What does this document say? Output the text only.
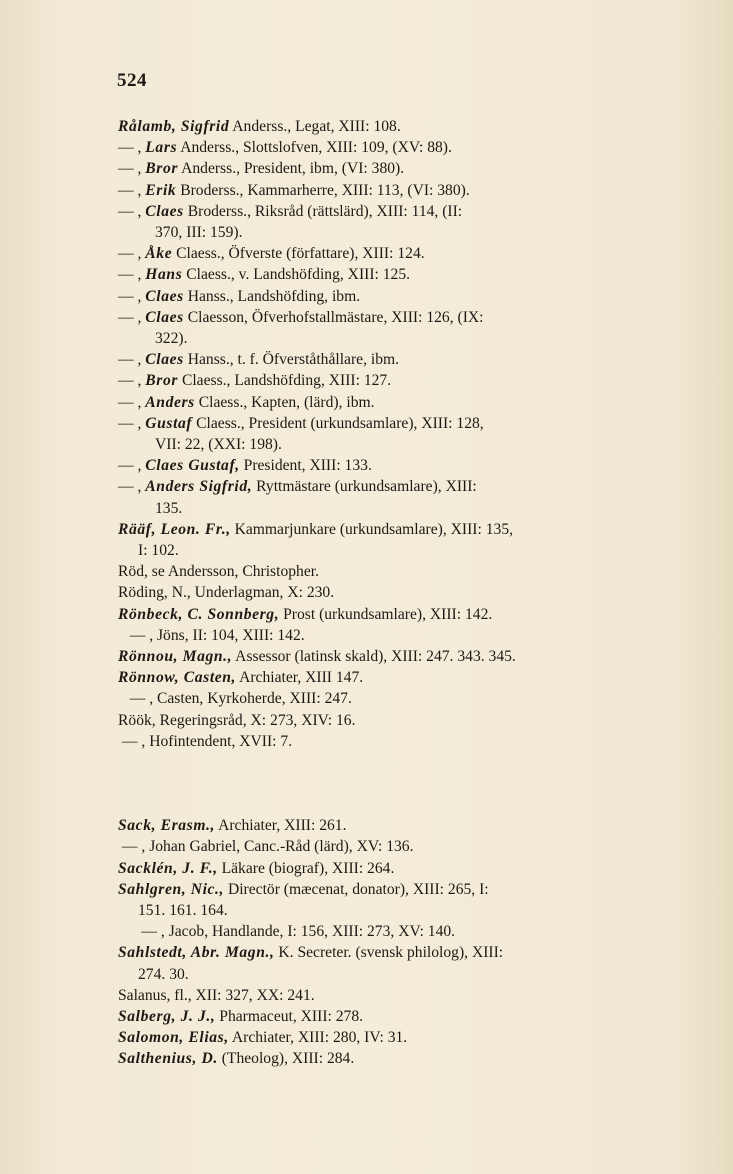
524
Rålamb, Sigfrid Anderss., Legat, XIII: 108.
— , Lars Anderss., Slottslofven, XIII: 109, (XV: 88).
— , Bror Anderss., President, ibm, (VI: 380).
— , Erik Broderss., Kammarherre, XIII: 113, (VI: 380).
— , Claes Broderss., Riksråd (rättslärd), XIII: 114, (II:
370, III: 159).
— , Åke Claess., Öfverste (författare), XIII: 124.
— , Hans Claess., v. Landshöfding, XIII: 125.
— , Claes Hanss., Landshöfding, ibm.
— , Claes Claesson, Öfverhofstallmästare, XIII: 126, (IX:
322).
— , Claes Hanss., t. f. Öfverståthållare, ibm.
— , Bror Claess., Landshöfding, XIII: 127.
— , Anders Claess., Kapten, (lärd), ibm.
— , Gustaf Claess., President (urkundsamlare), XIII: 128,
VII: 22, (XXI: 198).
— , Claes Gustaf, President, XIII: 133.
— , Anders Sigfrid, Ryttmästare (urkundsamlare), XIII:
135.
Rääf, Leon. Fr., Kammarjunkare (urkundsamlare), XIII: 135,
I: 102.
Röd, se Andersson, Christopher.
Röding, N., Underlagman, X: 230.
Rönbeck, C. Sonnberg, Prost (urkundsamlare), XIII: 142.
— , Jöns, II: 104, XIII: 142.
Rönnou, Magn., Assessor (latinsk skald), XIII: 247. 343. 345.
Rönnow, Casten, Archiater, XIII 147.
— , Casten, Kyrkoherde, XIII: 247.
Röök, Regeringsråd, X: 273, XIV: 16.
— , Hofintendent, XVII: 7.
Sack, Erasm., Archiater, XIII: 261.
— , Johan Gabriel, Canc.-Råd (lärd), XV: 136.
Sacklén, J. F., Läkare (biograf), XIII: 264.
Sahlgren, Nic., Directör (mæcenat, donator), XIII: 265, I:
151. 161. 164.
— , Jacob, Handlande, I: 156, XIII: 273, XV: 140.
Sahlstedt, Abr. Magn., K. Secreter. (svensk philolog), XIII:
274. 30.
Salanus, fl., XII: 327, XX: 241.
Salberg, J. J., Pharmaceut, XIII: 278.
Salomon, Elias, Archiater, XIII: 280, IV: 31.
Salthenius, D. (Theolog), XIII: 284.
